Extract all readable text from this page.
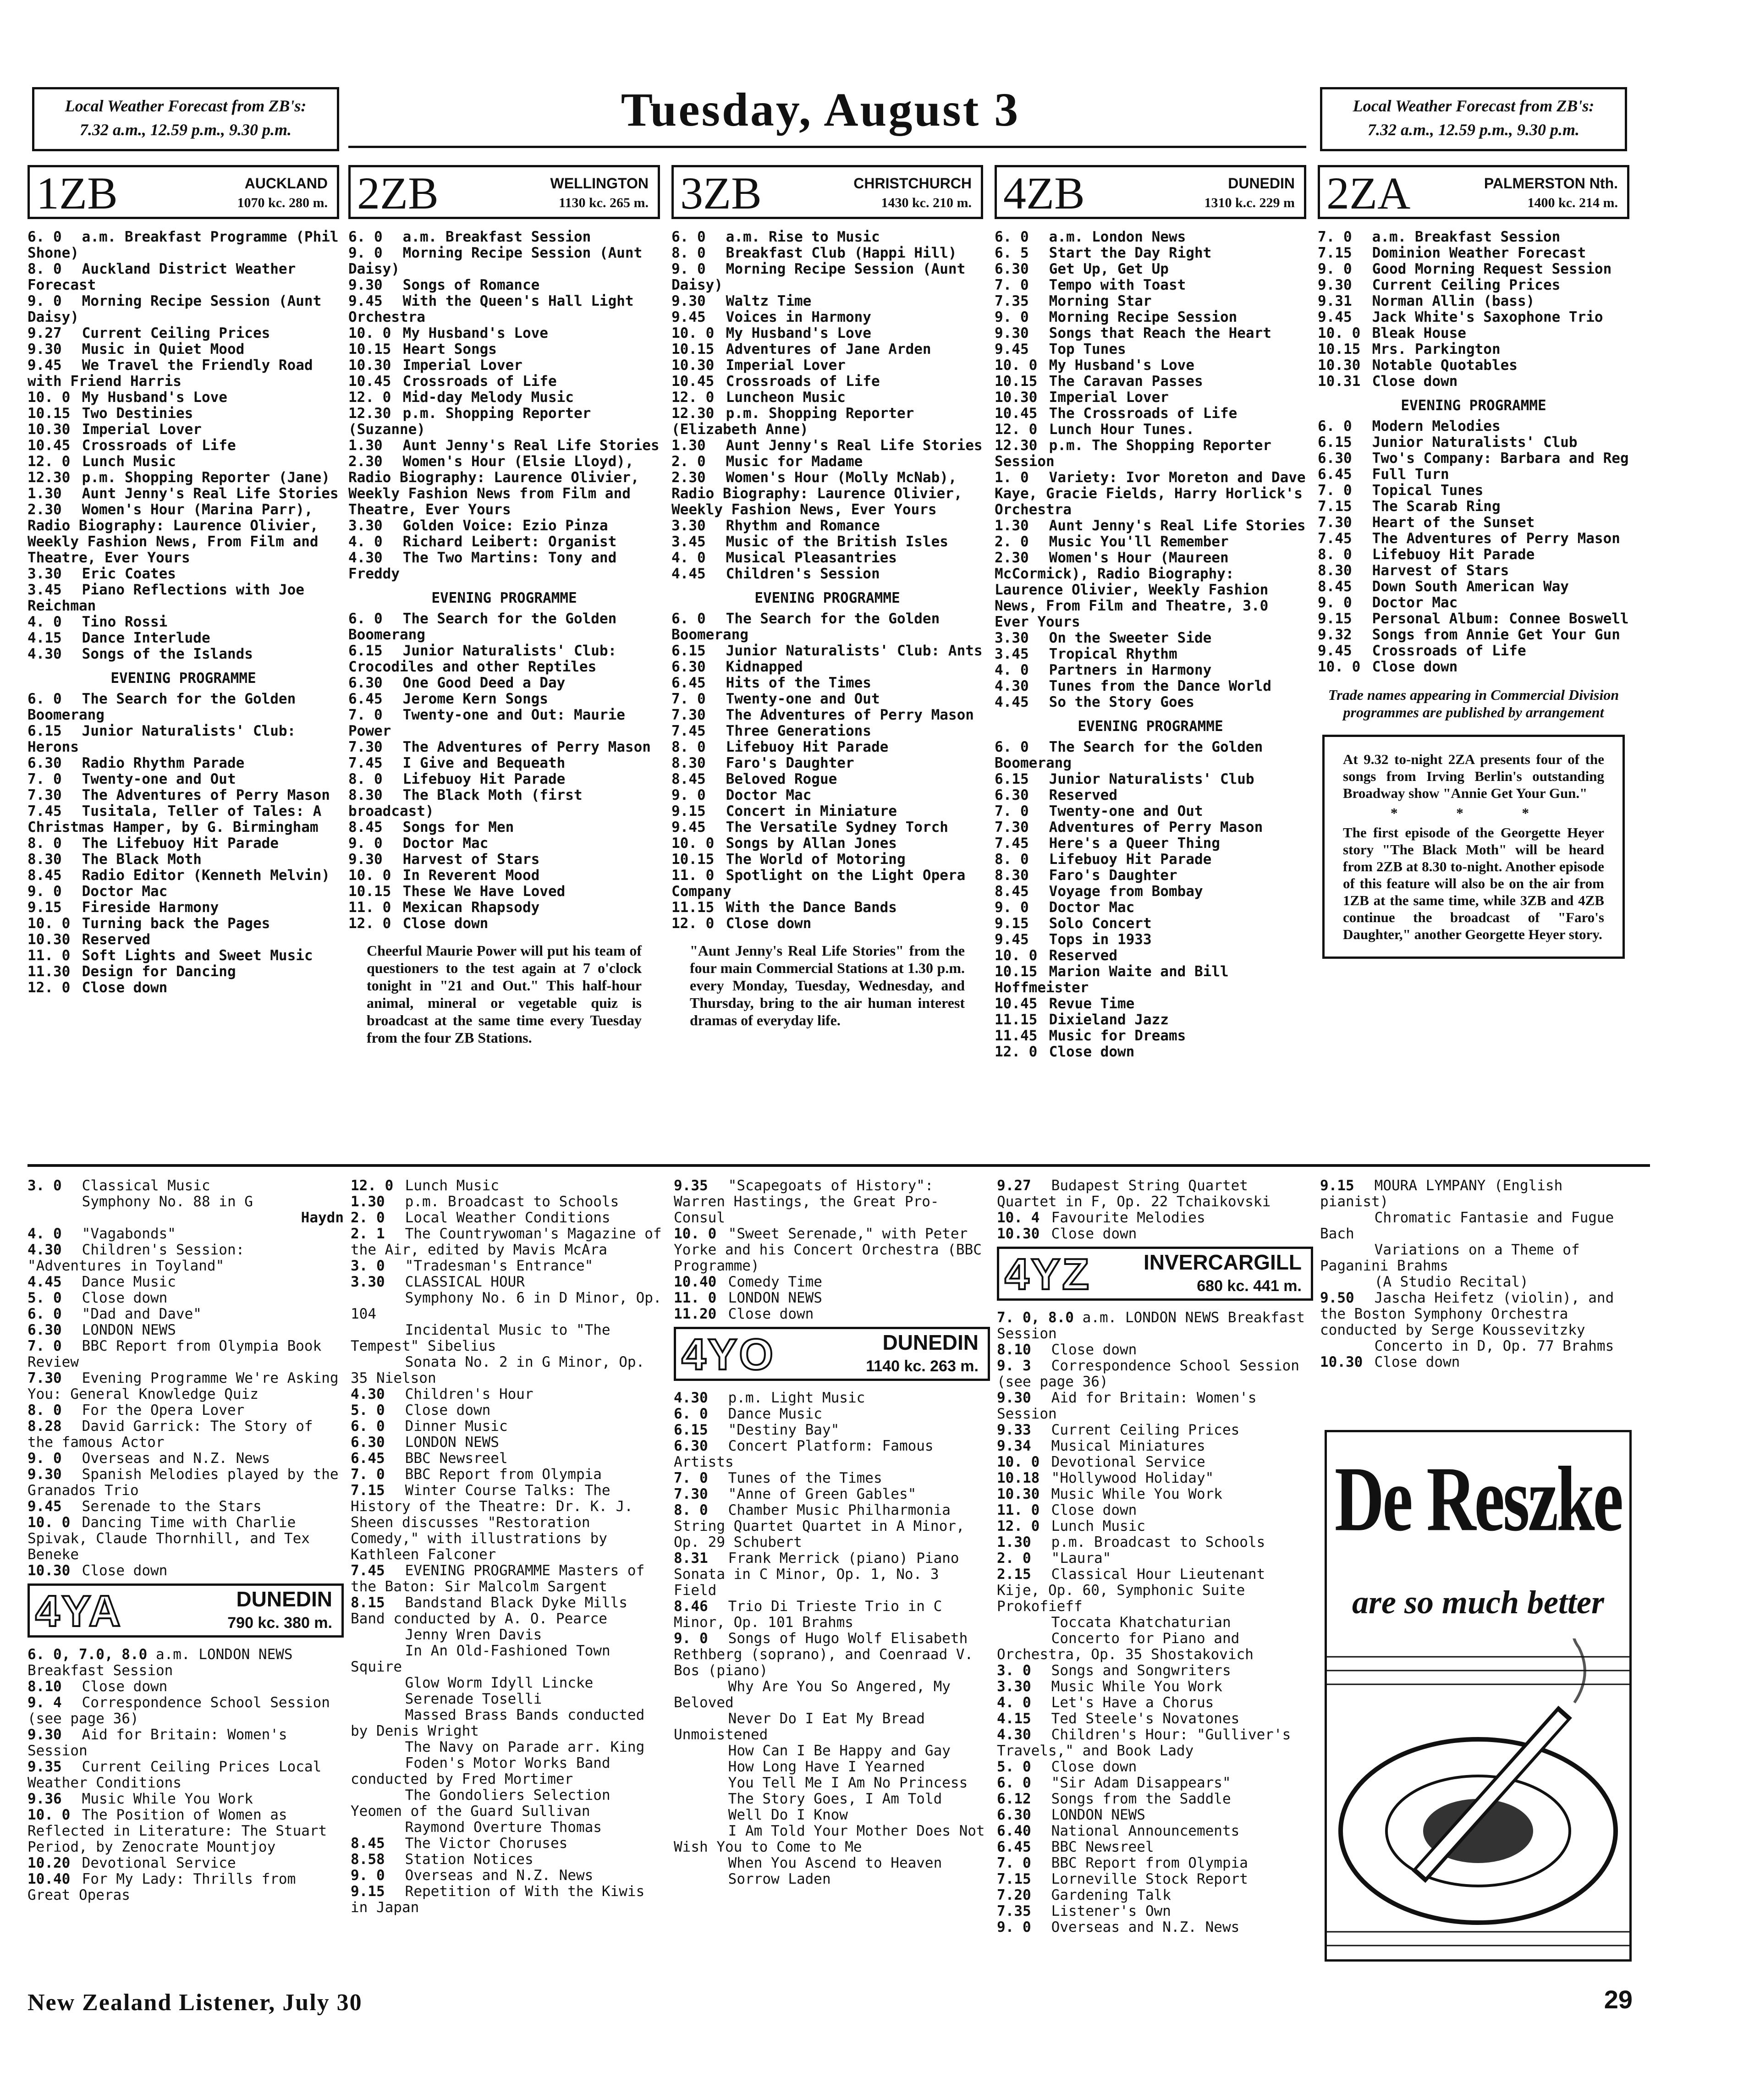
Local Weather Forecast from ZB's:
7.32 a.m., 12.59 p.m., 9.30 p.m.	Tuesday, August 3	Local Weather Forecast from ZB's:
7.32 a.m., 12.59 p.m., 9.30 p.m.
1ZB	AUCKLAND
1070 kc. 280 m.
6. 0 a.m. Breakfast Programme (Phil Shone)
8. 0 Auckland District Weather Forecast
9. 0 Morning Recipe Session (Aunt Daisy)
9.27 Current Ceiling Prices
9.30 Music in Quiet Mood
9.45 We Travel the Friendly Road with Friend Harris
10. 0 My Husband's Love
10.15 Two Destinies
10.30 Imperial Lover
10.45 Crossroads of Life
12. 0 Lunch Music
12.30 p.m. Shopping Reporter (Jane)
1.30 Aunt Jenny's Real Life Stories
2.30 Women's Hour (Marina Parr), Radio Biography: Laurence Olivier, Weekly Fashion News, From Film and Theatre, Ever Yours
3.30 Eric Coates
3.45 Piano Reflections with Joe Reichman
4. 0 Tino Rossi
4.15 Dance Interlude
4.30 Songs of the Islands
EVENING PROGRAMME
6. 0 The Search for the Golden Boomerang
6.15 Junior Naturalists' Club: Herons
6.30 Radio Rhythm Parade
7. 0 Twenty-one and Out
7.30 The Adventures of Perry Mason
7.45 Tusitala, Teller of Tales: A Christmas Hamper, by G. Birmingham
8. 0 The Lifebuoy Hit Parade
8.30 The Black Moth
8.45 Radio Editor (Kenneth Melvin)
9. 0 Doctor Mac
9.15 Fireside Harmony
10. 0 Turning back the Pages
10.30 Reserved
11. 0 Soft Lights and Sweet Music
11.30 Design for Dancing
12. 0 Close down
2ZB	WELLINGTON
1130 kc. 265 m.
6. 0 a.m. Breakfast Session
9. 0 Morning Recipe Session (Aunt Daisy)
9.30 Songs of Romance
9.45 With the Queen's Hall Light Orchestra
10. 0 My Husband's Love
10.15 Heart Songs
10.30 Imperial Lover
10.45 Crossroads of Life
12. 0 Mid-day Melody Music
12.30 p.m. Shopping Reporter (Suzanne)
1.30 Aunt Jenny's Real Life Stories
2.30 Women's Hour (Elsie Lloyd), Radio Biography: Laurence Olivier, Weekly Fashion News from Film and Theatre, Ever Yours
3.30 Golden Voice: Ezio Pinza
4. 0 Richard Leibert: Organist
4.30 The Two Martins: Tony and Freddy
EVENING PROGRAMME
6. 0 The Search for the Golden Boomerang
6.15 Junior Naturalists' Club: Crocodiles and other Reptiles
6.30 One Good Deed a Day
6.45 Jerome Kern Songs
7. 0 Twenty-one and Out: Maurie Power
7.30 The Adventures of Perry Mason
7.45 I Give and Bequeath
8. 0 Lifebuoy Hit Parade
8.30 The Black Moth (first broadcast)
8.45 Songs for Men
9. 0 Doctor Mac
9.30 Harvest of Stars
10. 0 In Reverent Mood
10.15 These We Have Loved
11. 0 Mexican Rhapsody
12. 0 Close down
Cheerful Maurie Power will put his team of questioners to the test again at 7 o'clock tonight in "21 and Out." This half-hour animal, mineral or vegetable quiz is broadcast at the same time every Tuesday from the four ZB Stations.
3ZB	CHRISTCHURCH
1430 kc. 210 m.
6. 0 a.m. Rise to Music
8. 0 Breakfast Club (Happi Hill)
9. 0 Morning Recipe Session (Aunt Daisy)
9.30 Waltz Time
9.45 Voices in Harmony
10. 0 My Husband's Love
10.15 Adventures of Jane Arden
10.30 Imperial Lover
10.45 Crossroads of Life
12. 0 Luncheon Music
12.30 p.m. Shopping Reporter (Elizabeth Anne)
1.30 Aunt Jenny's Real Life Stories
2. 0 Music for Madame
2.30 Women's Hour (Molly McNab), Radio Biography: Laurence Olivier, Weekly Fashion News, Ever Yours
3.30 Rhythm and Romance
3.45 Music of the British Isles
4. 0 Musical Pleasantries
4.45 Children's Session
EVENING PROGRAMME
6. 0 The Search for the Golden Boomerang
6.15 Junior Naturalists' Club: Ants
6.30 Kidnapped
6.45 Hits of the Times
7. 0 Twenty-one and Out
7.30 The Adventures of Perry Mason
7.45 Three Generations
8. 0 Lifebuoy Hit Parade
8.30 Faro's Daughter
8.45 Beloved Rogue
9. 0 Doctor Mac
9.15 Concert in Miniature
9.45 The Versatile Sydney Torch
10. 0 Songs by Allan Jones
10.15 The World of Motoring
11. 0 Spotlight on the Light Opera Company
11.15 With the Dance Bands
12. 0 Close down
"Aunt Jenny's Real Life Stories" from the four main Commercial Stations at 1.30 p.m. every Monday, Tuesday, Wednesday, and Thursday, bring to the air human interest dramas of everyday life.
4ZB	DUNEDIN
1310 k.c. 229 m
6. 0 a.m. London News
6. 5 Start the Day Right
6.30 Get Up, Get Up
7. 0 Tempo with Toast
7.35 Morning Star
9. 0 Morning Recipe Session
9.30 Songs that Reach the Heart
9.45 Top Tunes
10. 0 My Husband's Love
10.15 The Caravan Passes
10.30 Imperial Lover
10.45 The Crossroads of Life
12. 0 Lunch Hour Tunes.
12.30 p.m. The Shopping Reporter Session
1. 0 Variety: Ivor Moreton and Dave Kaye, Gracie Fields, Harry Horlick's Orchestra
1.30 Aunt Jenny's Real Life Stories
2. 0 Music You'll Remember
2.30 Women's Hour (Maureen McCormick), Radio Biography: Laurence Olivier, Weekly Fashion News, From Film and Theatre, 3.0 Ever Yours
3.30 On the Sweeter Side
3.45 Tropical Rhythm
4. 0 Partners in Harmony
4.30 Tunes from the Dance World
4.45 So the Story Goes
EVENING PROGRAMME
6. 0 The Search for the Golden Boomerang
6.15 Junior Naturalists' Club
6.30 Reserved
7. 0 Twenty-one and Out
7.30 Adventures of Perry Mason
7.45 Here's a Queer Thing
8. 0 Lifebuoy Hit Parade
8.30 Faro's Daughter
8.45 Voyage from Bombay
9. 0 Doctor Mac
9.15 Solo Concert
9.45 Tops in 1933
10. 0 Reserved
10.15 Marion Waite and Bill Hoffmeister
10.45 Revue Time
11.15 Dixieland Jazz
11.45 Music for Dreams
12. 0 Close down
2ZA	PALMERSTON Nth.
1400 kc. 214 m.
7. 0 a.m. Breakfast Session
7.15 Dominion Weather Forecast
9. 0 Good Morning Request Session
9.30 Current Ceiling Prices
9.31 Norman Allin (bass)
9.45 Jack White's Saxophone Trio
10. 0 Bleak House
10.15 Mrs. Parkington
10.30 Notable Quotables
10.31 Close down
EVENING PROGRAMME
6. 0 Modern Melodies
6.15 Junior Naturalists' Club
6.30 Two's Company: Barbara and Reg
6.45 Full Turn
7. 0 Topical Tunes
7.15 The Scarab Ring
7.30 Heart of the Sunset
7.45 The Adventures of Perry Mason
8. 0 Lifebuoy Hit Parade
8.30 Harvest of Stars
8.45 Down South American Way
9. 0 Doctor Mac
9.15 Personal Album: Connee Boswell
9.32 Songs from Annie Get Your Gun
9.45 Crossroads of Life
10. 0 Close down
Trade names appearing in Commercial Division programmes are published by arrangement
At 9.32 to-night 2ZA presents four of the songs from Irving Berlin's outstanding Broadway show "Annie Get Your Gun."
* * *
The first episode of the Georgette Heyer story "The Black Moth" will be heard from 2ZB at 8.30 to-night. Another episode of this feature will also be on the air from 1ZB at the same time, while 3ZB and 4ZB continue the broadcast of "Faro's Daughter," another Georgette Heyer story.
3. 0 Classical Music
Symphony No. 88 in G
Haydn
4. 0 "Vagabonds"
4.30 Children's Session: "Adventures in Toyland"
4.45 Dance Music
5. 0 Close down
6. 0 "Dad and Dave"
6.30 LONDON NEWS
7. 0 BBC Report from Olympia Book Review
7.30 Evening Programme We're Asking You: General Knowledge Quiz
8. 0 For the Opera Lover
8.28 David Garrick: The Story of the famous Actor
9. 0 Overseas and N.Z. News
9.30 Spanish Melodies played by the Granados Trio
9.45 Serenade to the Stars
10. 0 Dancing Time with Charlie Spivak, Claude Thornhill, and Tex Beneke
10.30 Close down
4YA	DUNEDIN
790 kc. 380 m.
6. 0, 7.0, 8.0 a.m. LONDON NEWS Breakfast Session
8.10 Close down
9. 4 Correspondence School Session (see page 36)
9.30 Aid for Britain: Women's Session
9.35 Current Ceiling Prices Local Weather Conditions
9.36 Music While You Work
10. 0 The Position of Women as Reflected in Literature: The Stuart Period, by Zenocrate Mountjoy
10.20 Devotional Service
10.40 For My Lady: Thrills from Great Operas
12. 0 Lunch Music
1.30 p.m. Broadcast to Schools
2. 0 Local Weather Conditions
2. 1 The Countrywoman's Magazine of the Air, edited by Mavis McAra
3. 0 "Tradesman's Entrance"
3.30 CLASSICAL HOUR
Symphony No. 6 in D Minor, Op. 104
Incidental Music to "The Tempest" Sibelius
Sonata No. 2 in G Minor, Op. 35 Nielson
4.30 Children's Hour
5. 0 Close down
6. 0 Dinner Music
6.30 LONDON NEWS
6.45 BBC Newsreel
7. 0 BBC Report from Olympia
7.15 Winter Course Talks: The History of the Theatre: Dr. K. J. Sheen discusses "Restoration Comedy," with illustrations by Kathleen Falconer
7.45 EVENING PROGRAMME Masters of the Baton: Sir Malcolm Sargent
8.15 Bandstand Black Dyke Mills Band conducted by A. O. Pearce
Jenny Wren Davis
In An Old-Fashioned Town Squire
Glow Worm Idyll Lincke
Serenade Toselli
Massed Brass Bands conducted by Denis Wright
The Navy on Parade arr. King
Foden's Motor Works Band conducted by Fred Mortimer
The Gondoliers Selection Yeomen of the Guard Sullivan
Raymond Overture Thomas
8.45 The Victor Choruses
8.58 Station Notices
9. 0 Overseas and N.Z. News
9.15 Repetition of With the Kiwis in Japan
9.35 "Scapegoats of History": Warren Hastings, the Great Pro-Consul
10. 0 "Sweet Serenade," with Peter Yorke and his Concert Orchestra (BBC Programme)
10.40 Comedy Time
11. 0 LONDON NEWS
11.20 Close down
4YO	DUNEDIN
1140 kc. 263 m.
4.30 p.m. Light Music
6. 0 Dance Music
6.15 "Destiny Bay"
6.30 Concert Platform: Famous Artists
7. 0 Tunes of the Times
7.30 "Anne of Green Gables"
8. 0 Chamber Music Philharmonia String Quartet Quartet in A Minor, Op. 29 Schubert
8.31 Frank Merrick (piano) Piano Sonata in C Minor, Op. 1, No. 3 Field
8.46 Trio Di Trieste Trio in C Minor, Op. 101 Brahms
9. 0 Songs of Hugo Wolf Elisabeth Rethberg (soprano), and Coenraad V. Bos (piano)
Why Are You So Angered, My Beloved
Never Do I Eat My Bread Unmoistened
How Can I Be Happy and Gay
How Long Have I Yearned
You Tell Me I Am No Princess
The Story Goes, I Am Told
Well Do I Know
I Am Told Your Mother Does Not Wish You to Come to Me
When You Ascend to Heaven
Sorrow Laden
9.27 Budapest String Quartet Quartet in F, Op. 22 Tchaikovski
10. 4 Favourite Melodies
10.30 Close down
4YZ INVERCARGILL
680 kc. 441 m.
7. 0, 8.0 a.m. LONDON NEWS Breakfast Session
8.10 Close down
9. 3 Correspondence School Session (see page 36)
9.30 Aid for Britain: Women's Session
9.33 Current Ceiling Prices
9.34 Musical Miniatures
10. 0 Devotional Service
10.18 "Hollywood Holiday"
10.30 Music While You Work
11. 0 Close down
12. 0 Lunch Music
1.30 p.m. Broadcast to Schools
2. 0 "Laura"
2.15 Classical Hour Lieutenant Kije, Op. 60, Symphonic Suite Prokofieff
Toccata Khatchaturian
Concerto for Piano and Orchestra, Op. 35 Shostakovich
3. 0 Songs and Songwriters
3.30 Music While You Work
4. 0 Let's Have a Chorus
4.15 Ted Steele's Novatones
4.30 Children's Hour: "Gulliver's Travels," and Book Lady
5. 0 Close down
6. 0 "Sir Adam Disappears"
6.12 Songs from the Saddle
6.30 LONDON NEWS
6.40 National Announcements
6.45 BBC Newsreel
7. 0 BBC Report from Olympia
7.15 Lorneville Stock Report
7.20 Gardening Talk
7.35 Listener's Own
9. 0 Overseas and N.Z. News
9.15 MOURA LYMPANY (English pianist)
Chromatic Fantasie and Fugue Bach
Variations on a Theme of Paganini Brahms
(A Studio Recital)
9.50 Jascha Heifetz (violin), and the Boston Symphony Orchestra conducted by Serge Koussevitzky
Concerto in D, Op. 77 Brahms
10.30 Close down
De Reszke
are so much better
New Zealand Listener, July 30	29
